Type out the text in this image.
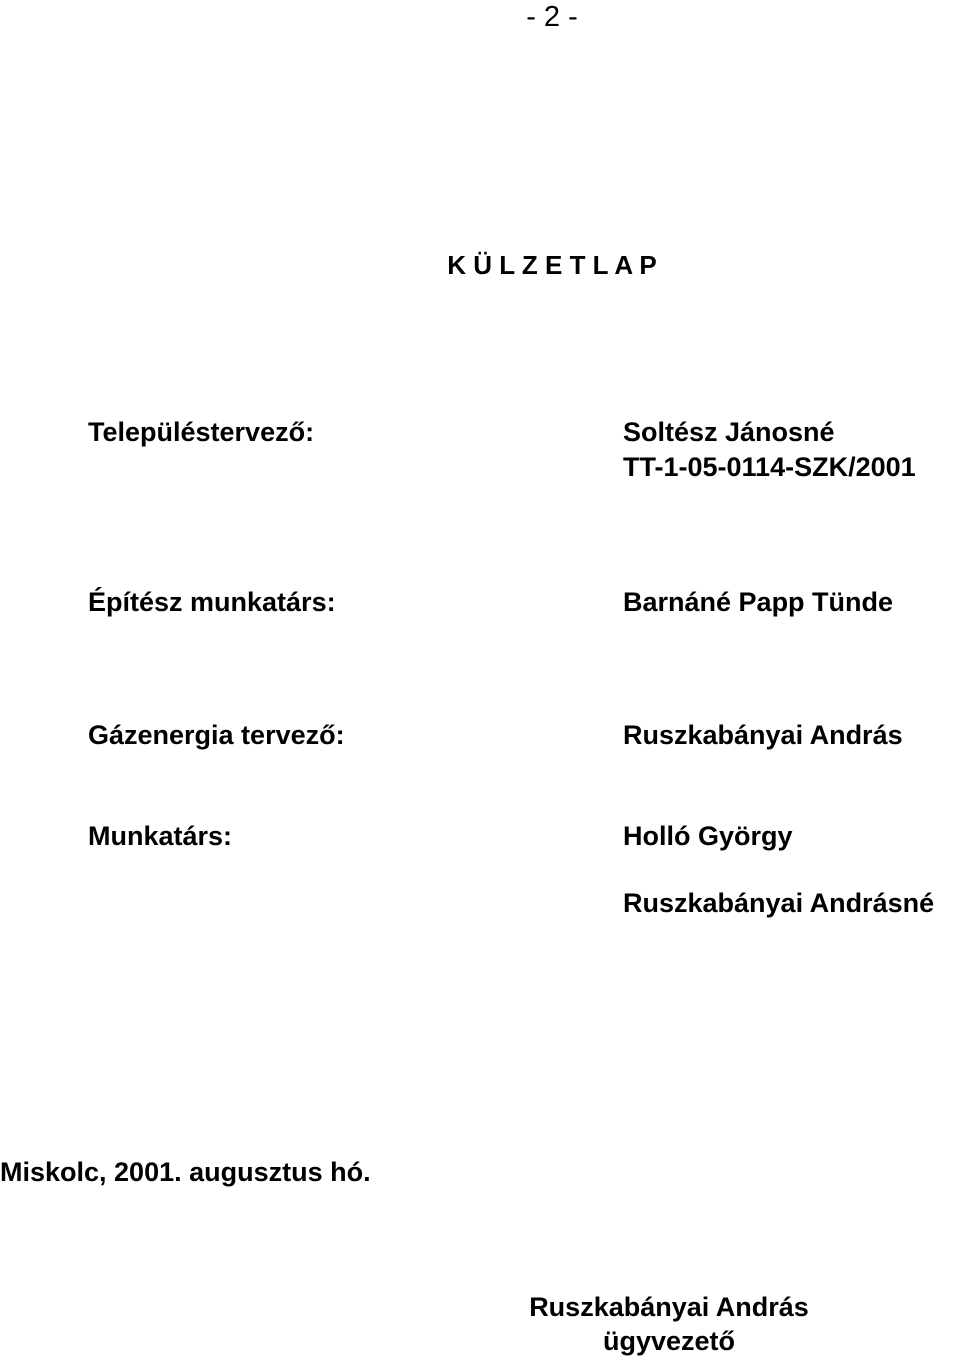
- 2 -
K Ü L Z E T L A P
Településtervező:	Soltész Jánosné
TT-1-05-0114-SZK/2001
Építész munkatárs:	Barnáné Papp Tünde
Gázenergia tervező:	Ruszkabányai András
Munkatárs:	Holló György
Ruszkabányai Andrásné
Miskolc, 2001. augusztus hó.
Ruszkabányai András
ügyvezető
